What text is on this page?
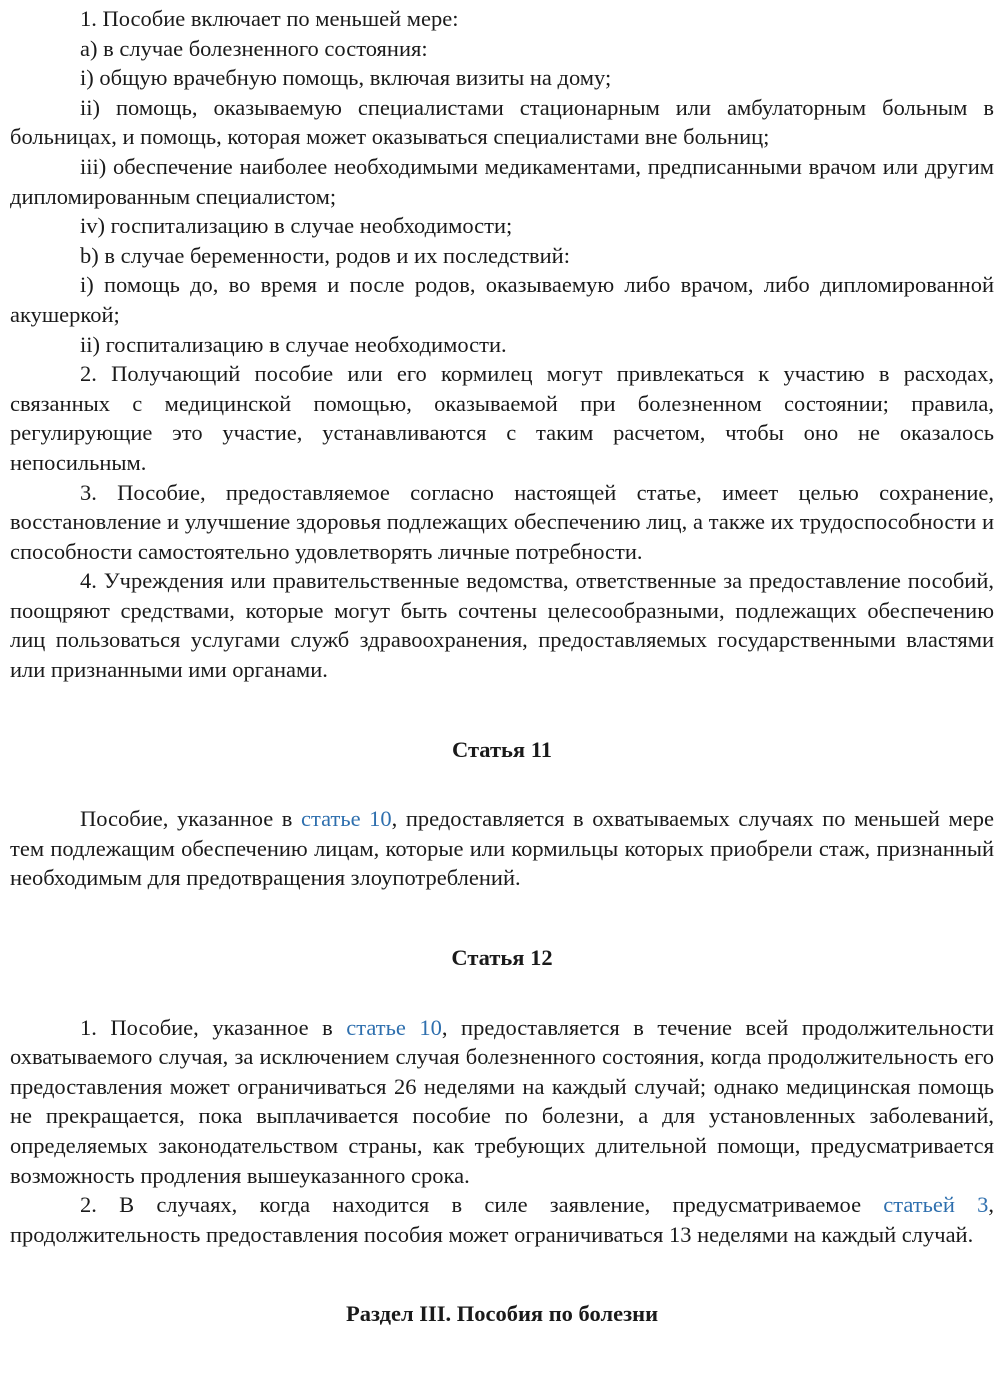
1. Пособие включает по меньшей мере:

a) в случае болезненного состояния:

i) общую врачебную помощь, включая визиты на дому;

ii) помощь, оказываемую специалистами стационарным или амбулаторным больным в больницах, и помощь, которая может оказываться специалистами вне больниц;

iii) обеспечение наиболее необходимыми медикаментами, предписанными врачом или другим дипломированным специалистом;

iv) госпитализацию в случае необходимости;

b) в случае беременности, родов и их последствий:

i) помощь до, во время и после родов, оказываемую либо врачом, либо дипломированной акушеркой;

ii) госпитализацию в случае необходимости.

2. Получающий пособие или его кормилец могут привлекаться к участию в расходах, связанных с медицинской помощью, оказываемой при болезненном состоянии; правила, регулирующие это участие, устанавливаются с таким расчетом, чтобы оно не оказалось непосильным.

3. Пособие, предоставляемое согласно настоящей статье, имеет целью сохранение, восстановление и улучшение здоровья подлежащих обеспечению лиц, а также их трудоспособности и способности самостоятельно удовлетворять личные потребности.

4. Учреждения или правительственные ведомства, ответственные за предоставление пособий, поощряют средствами, которые могут быть сочтены целесообразными, подлежащих обеспечению лиц пользоваться услугами служб здравоохранения, предоставляемых государственными властями или признанными ими органами.

Статья 11

Пособие, указанное в статье 10, предоставляется в охватываемых случаях по меньшей мере тем подлежащим обеспечению лицам, которые или кормильцы которых приобрели стаж, признанный необходимым для предотвращения злоупотреблений.

Статья 12

1. Пособие, указанное в статье 10, предоставляется в течение всей продолжительности охватываемого случая, за исключением случая болезненного состояния, когда продолжительность его предоставления может ограничиваться 26 неделями на каждый случай; однако медицинская помощь не прекращается, пока выплачивается пособие по болезни, а для установленных заболеваний, определяемых законодательством страны, как требующих длительной помощи, предусматривается возможность продления вышеуказанного срока.

2. В случаях, когда находится в силе заявление, предусматриваемое статьей 3, продолжительность предоставления пособия может ограничиваться 13 неделями на каждый случай.

Раздел III. Пособия по болезни
